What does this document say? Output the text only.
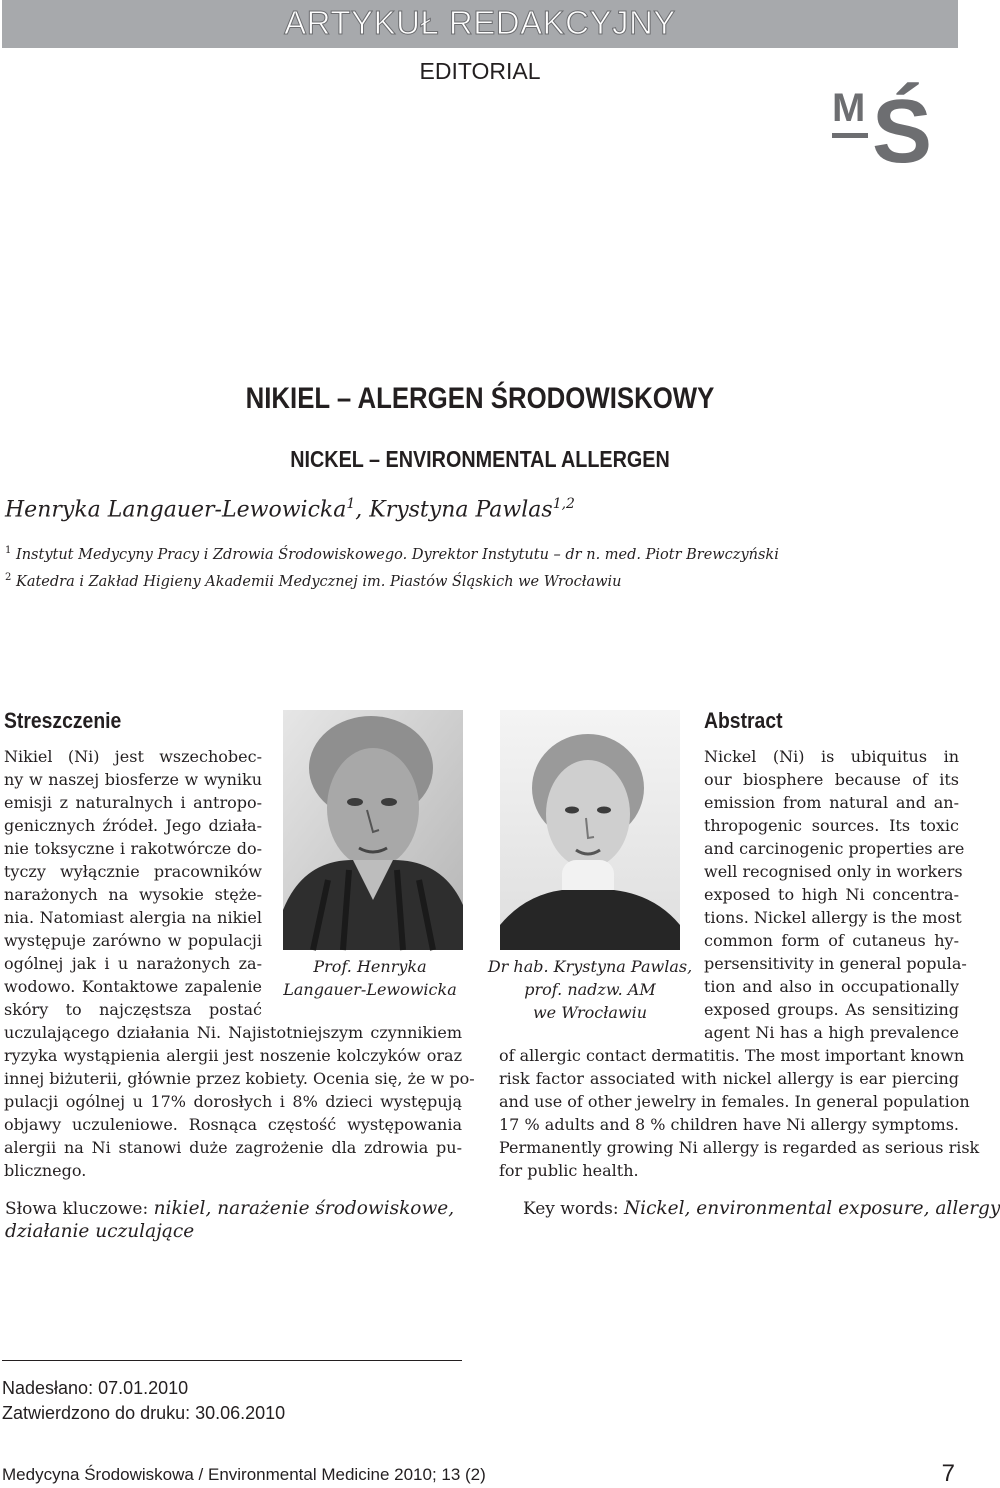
ARTYKUŁ REDAKCYJNY
EDITORIAL
M Ś
NIKIEL – ALERGEN ŚRODOWISKOWY
NICKEL – ENVIRONMENTAL ALLERGEN
Henryka Langauer-Lewowicka$^1$, Krystyna Pawlas$^{1,2}$
$^1$ Instytut Medycyny Pracy i Zdrowia Środowiskowego. Dyrektor Instytutu – dr n. med. Piotr Brewczyński
$^2$ Katedra i Zakład Higieny Akademii Medycznej im. Piastów Śląskich we Wrocławiu
Streszczenie
Nikiel (Ni) jest wszechobec-
ny w naszej biosferze w wyniku
emisji z naturalnych i antropo-
genicznych źródeł. Jego działa-
nie toksyczne i rakotwórcze do-
tyczy wyłącznie pracowników
narażonych na wysokie stęże-
nia. Natomiast alergia na nikiel
występuje zarówno w populacji
ogólnej jak i u narażonych za-
wodowo. Kontaktowe zapalenie
skóry to najczęstsza postać
uczulającego działania Ni. Najistotniejszym czynnikiem
ryzyka wystąpienia alergii jest noszenie kolczyków oraz
innej biżuterii, głównie przez kobiety. Ocenia się, że w po-
pulacji ogólnej u 17% dorosłych i 8% dzieci występują
objawy uczuleniowe. Rosnąca częstość występowania
alergii na Ni stanowi duże zagrożenie dla zdrowia pu-
blicznego.
Prof. Henryka
Langauer-Lewowicka
Dr hab. Krystyna Pawlas,
prof. nadzw. AM
we Wrocławiu
Abstract
Nickel (Ni) is ubiquitus in
our biosphere because of its
emission from natural and an-
thropogenic sources. Its toxic
and carcinogenic properties are
well recognised only in workers
exposed to high Ni concentra-
tions. Nickel allergy is the most
common form of cutaneus hy-
persensitivity in general popula-
tion and also in occupationally
exposed groups. As sensitizing
agent Ni has a high prevalence
of allergic contact dermatitis. The most important known
risk factor associated with nickel allergy is ear piercing
and use of other jewelry in females. In general population
17 % adults and 8 % children have Ni allergy symptoms.
Permanently growing Ni allergy is regarded as serious risk
for public health.
Słowa kluczowe: nikiel, narażenie środowiskowe,
działanie uczulające
Key words: Nickel, environmental exposure, allergy
Nadesłano: 07.01.2010
Zatwierdzono do druku: 30.06.2010
Medycyna Środowiskowa / Environmental Medicine 2010; 13 (2)	7
